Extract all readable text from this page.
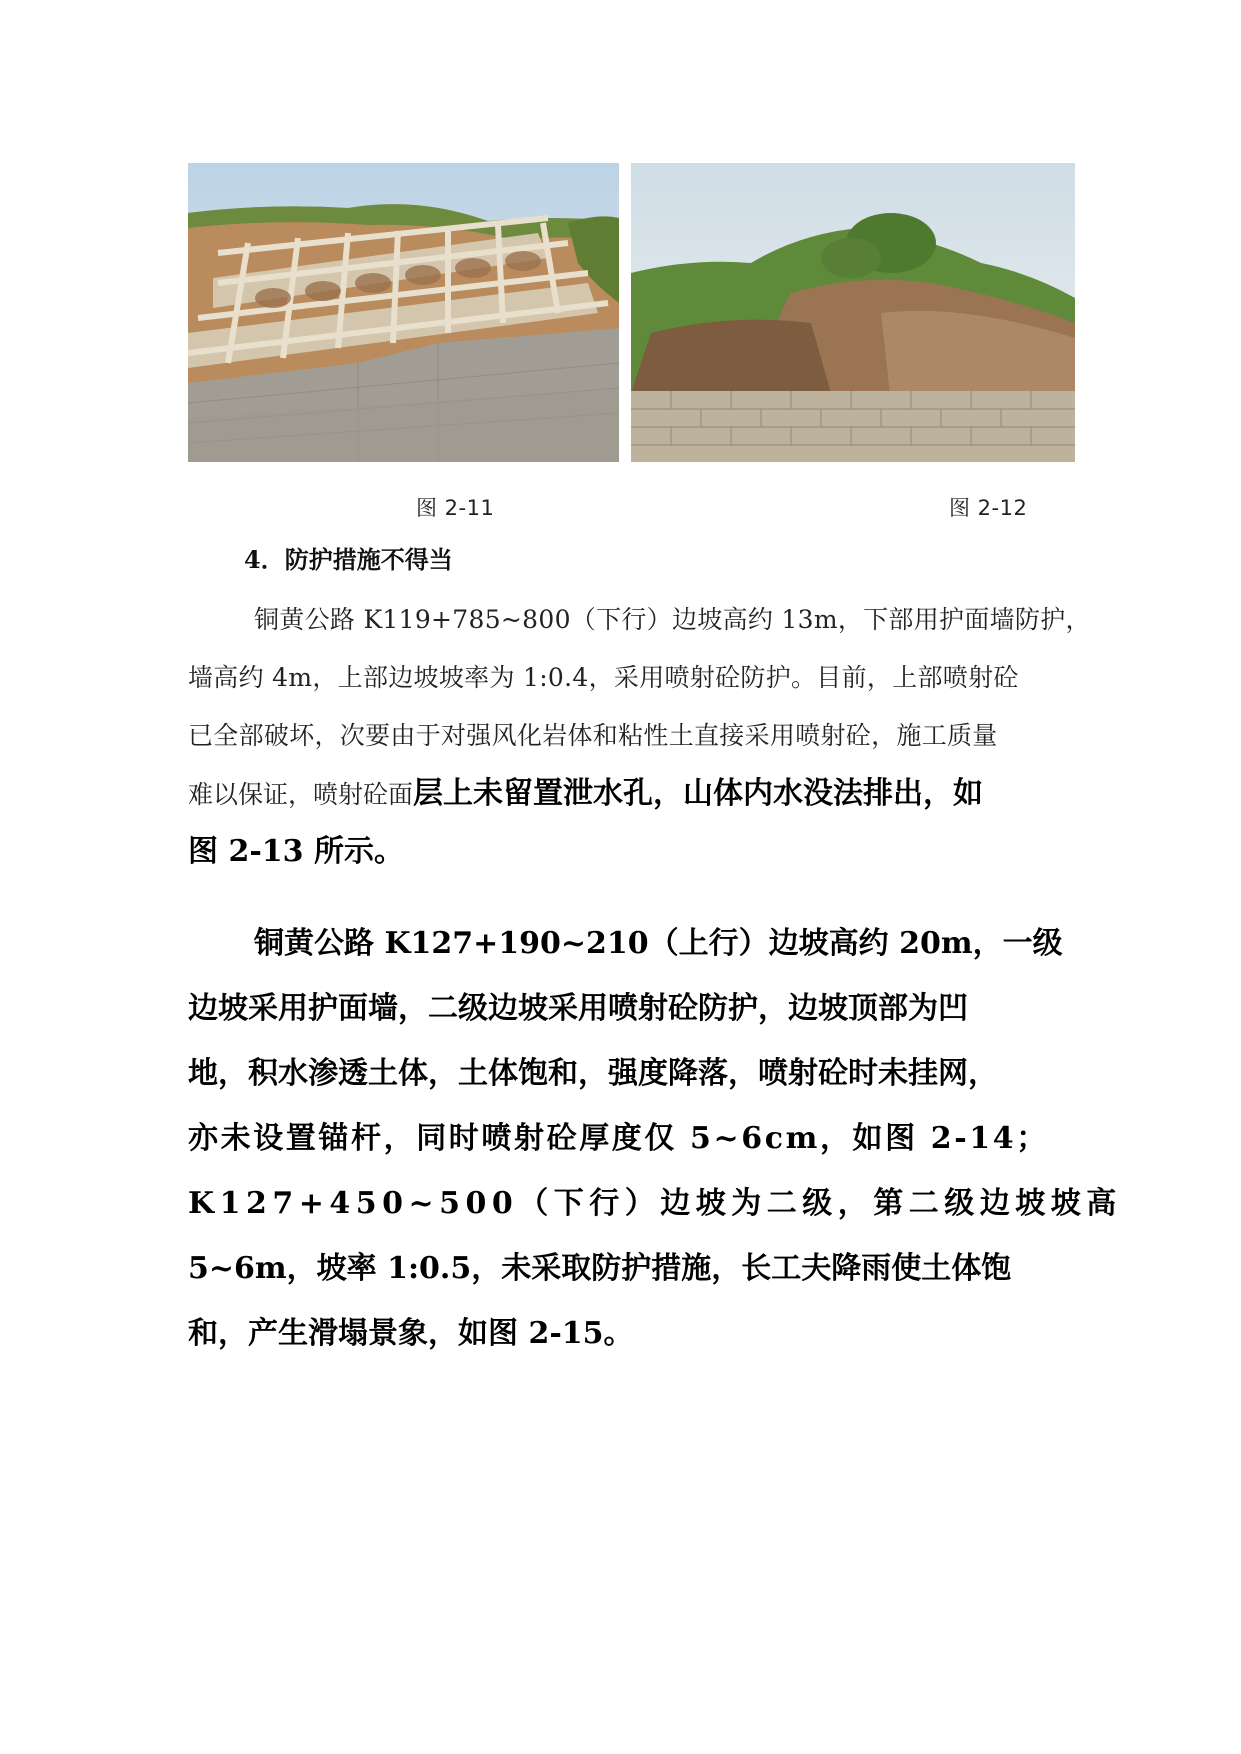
图 2-11	图 2-12
4．防护措施不得当
铜黄公路 K119+785~800（下行）边坡高约 13m，下部用护面墙防护，
墙高约 4m，上部边坡坡率为 1:0.4，采用喷射砼防护。目前，上部喷射砼
已全部破坏，次要由于对强风化岩体和粘性土直接采用喷射砼，施工质量
难以保证，喷射砼面层上未留置泄水孔，山体内水没法排出，如
图 2-13 所示。
铜黄公路 K127+190~210（上行）边坡高约 20m，一级
边坡采用护面墙，二级边坡采用喷射砼防护，边坡顶部为凹
地，积水渗透土体，土体饱和，强度降落，喷射砼时未挂网，
亦未设置锚杆，同时喷射砼厚度仅 5~6cm，如图 2-14；
K127+450~500（下行）边坡为二级，第二级边坡坡高
5~6m，坡率 1:0.5，未采取防护措施，长工夫降雨使土体饱
和，产生滑塌景象，如图 2-15。
